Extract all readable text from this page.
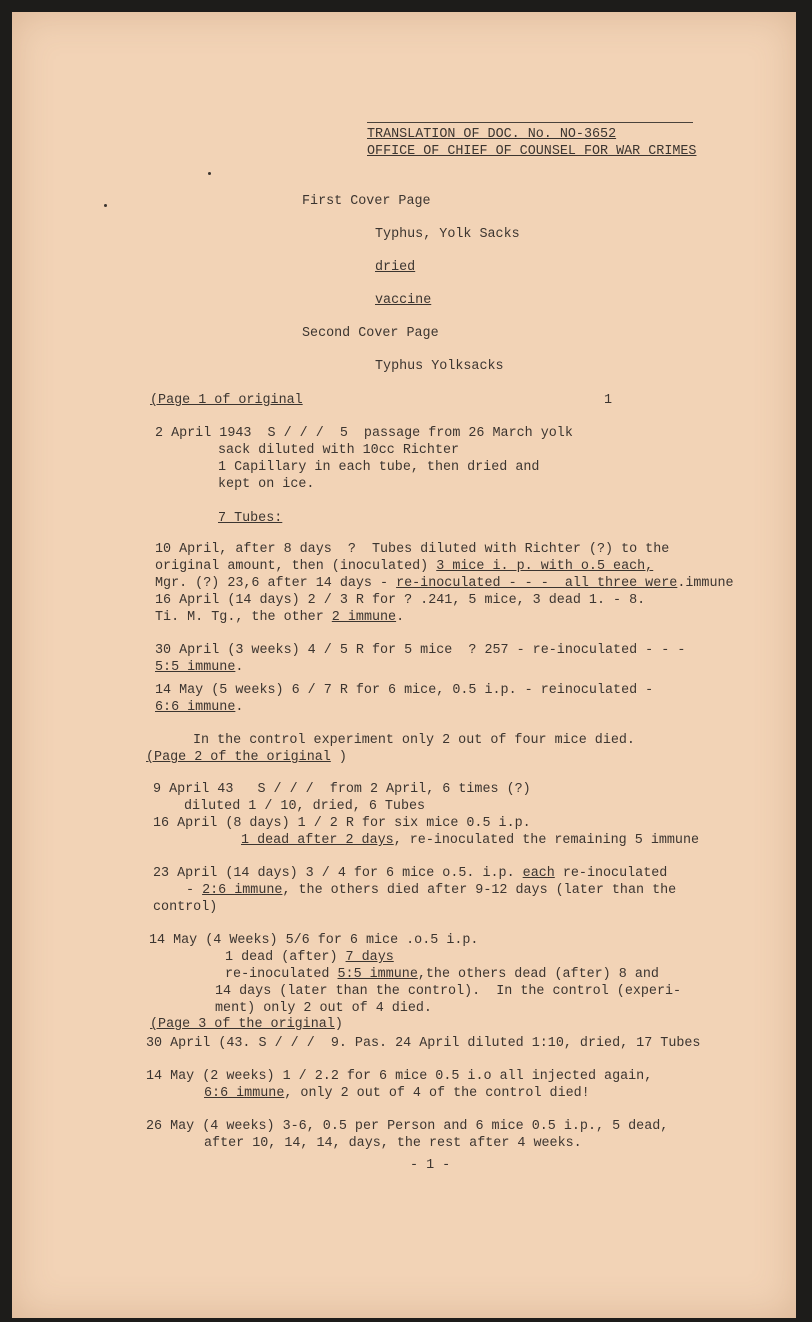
TRANSLATION OF DOC. No. NO-3652
OFFICE OF CHIEF OF COUNSEL FOR WAR CRIMES
First Cover Page
Typhus, Yolk Sacks
dried
vaccine
Second Cover Page
Typhus Yolksacks
(Page 1 of original	1
2 April 1943  S / / /  5  passage from 26 March yolk
sack diluted with 10cc Richter
1 Capillary in each tube, then dried and
kept on ice.
7 Tubes:
10 April, after 8 days  ?  Tubes diluted with Richter (?) to the
original amount, then (inoculated) 3 mice i. p. with o.5 each,
Mgr. (?) 23,6 after 14 days - re-inoculated - - -  all three were.immune
16 April (14 days) 2 / 3 R for ? .241, 5 mice, 3 dead 1. - 8.
Ti. M. Tg., the other 2 immune.
30 April (3 weeks) 4 / 5 R for 5 mice  ? 257 - re-inoculated - - -
5:5 immune.
14 May (5 weeks) 6 / 7 R for 6 mice, 0.5 i.p. - reinoculated -
6:6 immune.
In the control experiment only 2 out of four mice died.
(Page 2 of the original )
9 April 43   S / / /  from 2 April, 6 times (?)
diluted 1 / 10, dried, 6 Tubes
16 April (8 days) 1 / 2 R for six mice 0.5 i.p.
1 dead after 2 days, re-inoculated the remaining 5 immune
23 April (14 days) 3 / 4 for 6 mice o.5. i.p. each re-inoculated
- 2:6 immune, the others died after 9-12 days (later than the
control)
14 May (4 Weeks) 5/6 for 6 mice .o.5 i.p.
1 dead (after) 7 days
re-inoculated 5:5 immune,the others dead (after) 8 and
14 days (later than the control).  In the control (experi-
ment) only 2 out of 4 died.
(Page 3 of the original)
30 April (43. S / / /  9. Pas. 24 April diluted 1:10, dried, 17 Tubes
14 May (2 weeks) 1 / 2.2 for 6 mice 0.5 i.o all injected again,
6:6 immune, only 2 out of 4 of the control died!
26 May (4 weeks) 3-6, 0.5 per Person and 6 mice 0.5 i.p., 5 dead,
after 10, 14, 14, days, the rest after 4 weeks.
- 1 -
